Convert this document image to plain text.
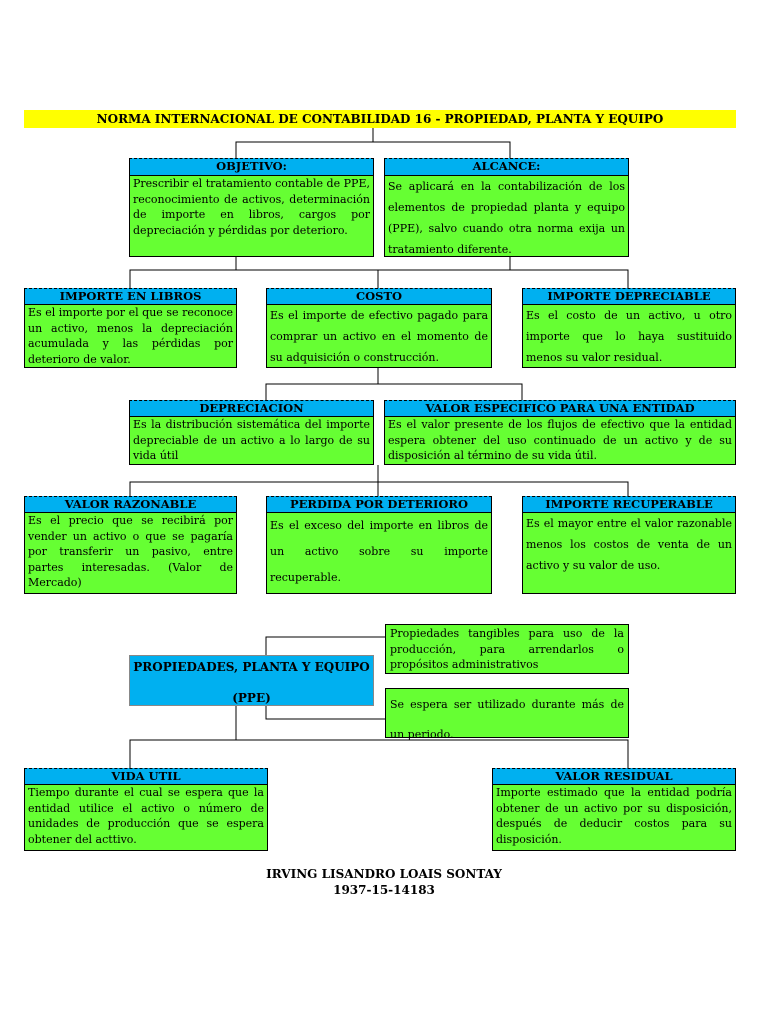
NORMA INTERNACIONAL DE CONTABILIDAD 16 - PROPIEDAD, PLANTA Y EQUIPO
OBJETIVO:
Prescribir el tratamiento contable de PPE, reconocimiento de activos, determinación de importe en libros, cargos por depreciación y pérdidas por deterioro.
ALCANCE:
Se aplicará en la contabilización de los elementos de propiedad planta y equipo (PPE), salvo cuando otra norma exija un tratamiento diferente.
IMPORTE EN LIBROS
Es el importe por el que se reconoce un activo, menos la depreciación acumulada y las pérdidas por deterioro de valor.
COSTO
Es el importe de efectivo pagado para comprar un activo en el momento de su adquisición o construcción.
IMPORTE DEPRECIABLE
Es el costo de un activo, u otro importe que lo haya sustituido menos su valor residual.
DEPRECIACION
Es la distribución sistemática del importe depreciable de un activo a lo largo de su vida útil
VALOR ESPECIFICO PARA UNA ENTIDAD
Es el valor presente de los flujos de efectivo que la entidad espera obtener del uso continuado de un activo y de su disposición al término de su vida útil.
VALOR RAZONABLE
Es el precio que se recibirá por vender un activo o que se pagaría por transferir un pasivo, entre partes interesadas. (Valor de Mercado)
PERDIDA POR DETERIORO
Es el exceso del importe en libros de un activo sobre su importe recuperable.
IMPORTE RECUPERABLE
Es el mayor entre el valor razonable menos los costos de venta de un activo y su valor de uso.
PROPIEDADES, PLANTA Y EQUIPO
(PPE)
Propiedades tangibles para uso de la producción, para arrendarlos o propósitos administrativos
Se espera ser utilizado durante más de un periodo.
VIDA UTIL
Tiempo durante el cual se espera que la entidad utilice el activo o número de unidades de producción que se espera obtener del acttivo.
VALOR RESIDUAL
Importe estimado que la entidad podría obtener de un activo por su disposición, después de deducir costos para su disposición.
IRVING LISANDRO LOAIS SONTAY
1937-15-14183
